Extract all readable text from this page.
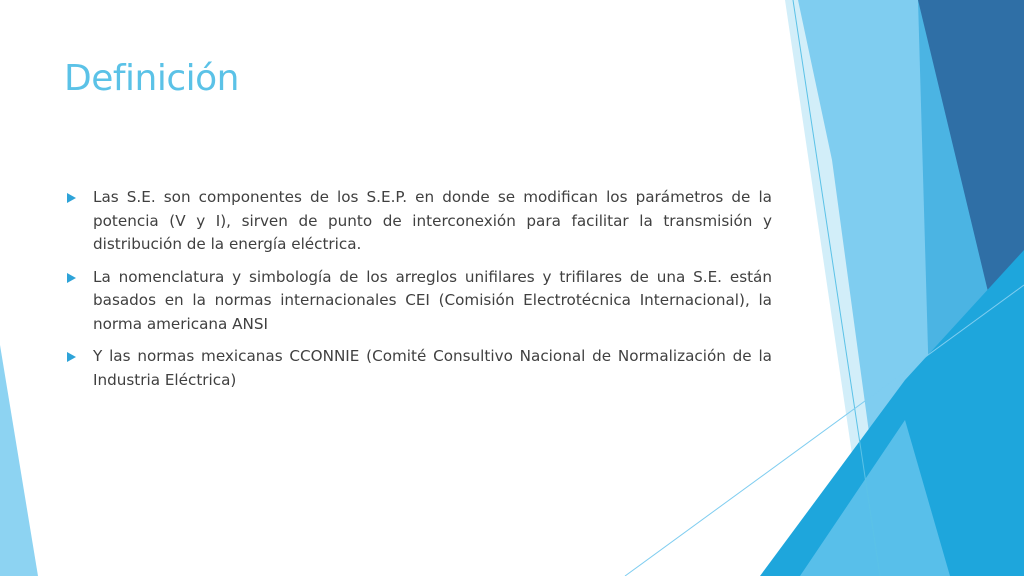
Definición
Las S.E. son componentes de los S.E.P. en donde se modifican los parámetros de la potencia (V y I), sirven de punto de interconexión para facilitar la transmisión y distribución de la energía eléctrica.
La nomenclatura y simbología de los arreglos unifilares y trifilares de una S.E. están basados en la normas internacionales CEI (Comisión Electrotécnica Internacional), la norma americana ANSI
Y las normas mexicanas CCONNIE (Comité Consultivo Nacional de Normalización de la Industria Eléctrica)
